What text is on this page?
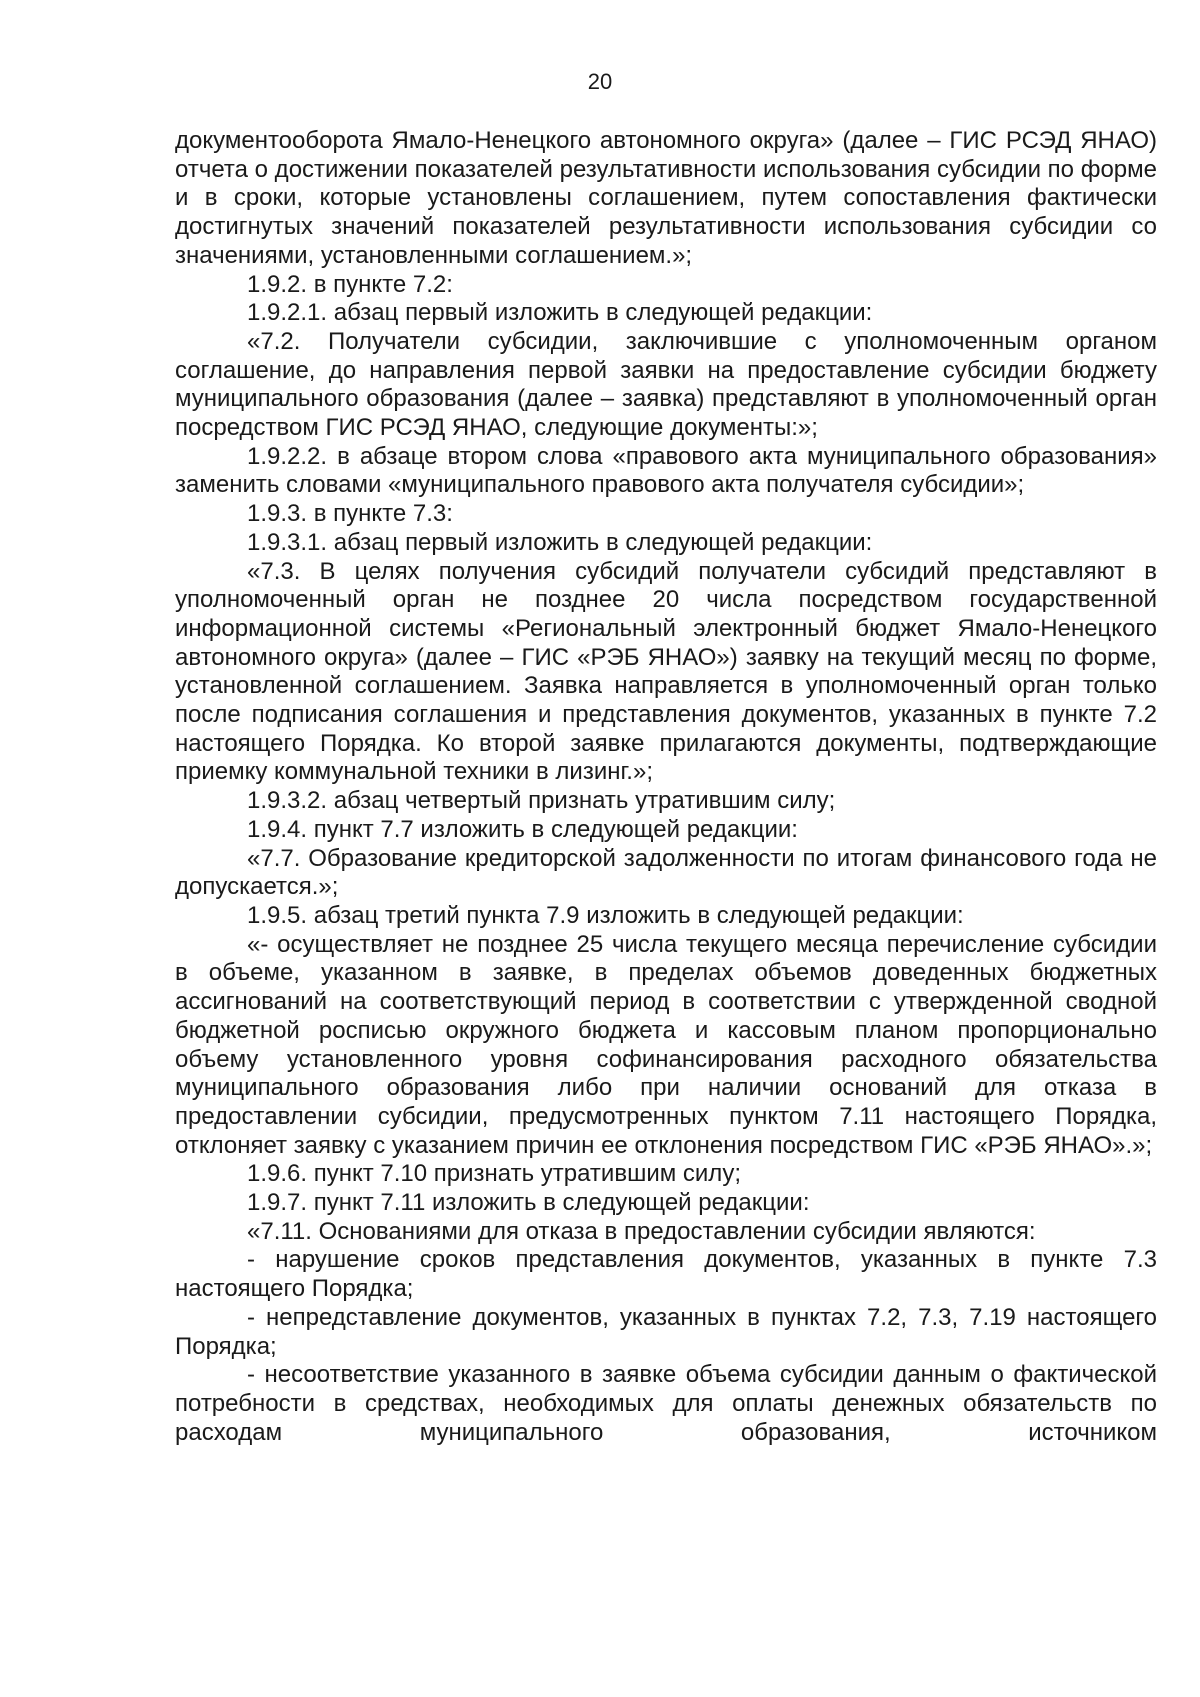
20

документооборота Ямало-Ненецкого автономного округа» (далее – ГИС РСЭД ЯНАО) отчета о достижении показателей результативности использования субсидии по форме и в сроки, которые установлены соглашением, путем сопоставления фактически достигнутых значений показателей результативности использования субсидии со значениями, установленными соглашением.»;

1.9.2. в пункте 7.2:

1.9.2.1. абзац первый изложить в следующей редакции:

«7.2. Получатели субсидии, заключившие с уполномоченным органом соглашение, до направления первой заявки на предоставление субсидии бюджету муниципального образования (далее – заявка) представляют в уполномоченный орган посредством ГИС РСЭД ЯНАО, следующие документы:»;

1.9.2.2. в абзаце втором слова «правового акта муниципального образования» заменить словами «муниципального правового акта получателя субсидии»;

1.9.3. в пункте 7.3:

1.9.3.1. абзац первый изложить в следующей редакции:

«7.3. В целях получения субсидий получатели субсидий представляют в уполномоченный орган не позднее 20 числа посредством государственной информационной системы «Региональный электронный бюджет Ямало-Ненецкого автономного округа» (далее – ГИС «РЭБ ЯНАО») заявку на текущий месяц по форме, установленной соглашением. Заявка направляется в уполномоченный орган только после подписания соглашения и представления документов, указанных в пункте 7.2 настоящего Порядка. Ко второй заявке прилагаются документы, подтверждающие приемку коммунальной техники в лизинг.»;

1.9.3.2. абзац четвертый признать утратившим силу;

1.9.4. пункт 7.7 изложить в следующей редакции:

«7.7. Образование кредиторской задолженности по итогам финансового года не допускается.»;

1.9.5. абзац третий пункта 7.9 изложить в следующей редакции:

«- осуществляет не позднее 25 числа текущего месяца перечисление субсидии в объеме, указанном в заявке, в пределах объемов доведенных бюджетных ассигнований на соответствующий период в соответствии с утвержденной сводной бюджетной росписью окружного бюджета и кассовым планом пропорционально объему установленного уровня софинансирования расходного обязательства муниципального образования либо при наличии оснований для отказа в предоставлении субсидии, предусмотренных пунктом 7.11 настоящего Порядка, отклоняет заявку с указанием причин ее отклонения посредством ГИС «РЭБ ЯНАО».»;

1.9.6. пункт 7.10 признать утратившим силу;

1.9.7. пункт 7.11 изложить в следующей редакции:

«7.11. Основаниями для отказа в предоставлении субсидии являются:

- нарушение сроков представления документов, указанных в пункте 7.3 настоящего Порядка;

- непредставление документов, указанных в пунктах 7.2, 7.3, 7.19 настоящего Порядка;

- несоответствие указанного в заявке объема субсидии данным о фактической потребности в средствах, необходимых для оплаты денежных обязательств по расходам муниципального образования, источником
